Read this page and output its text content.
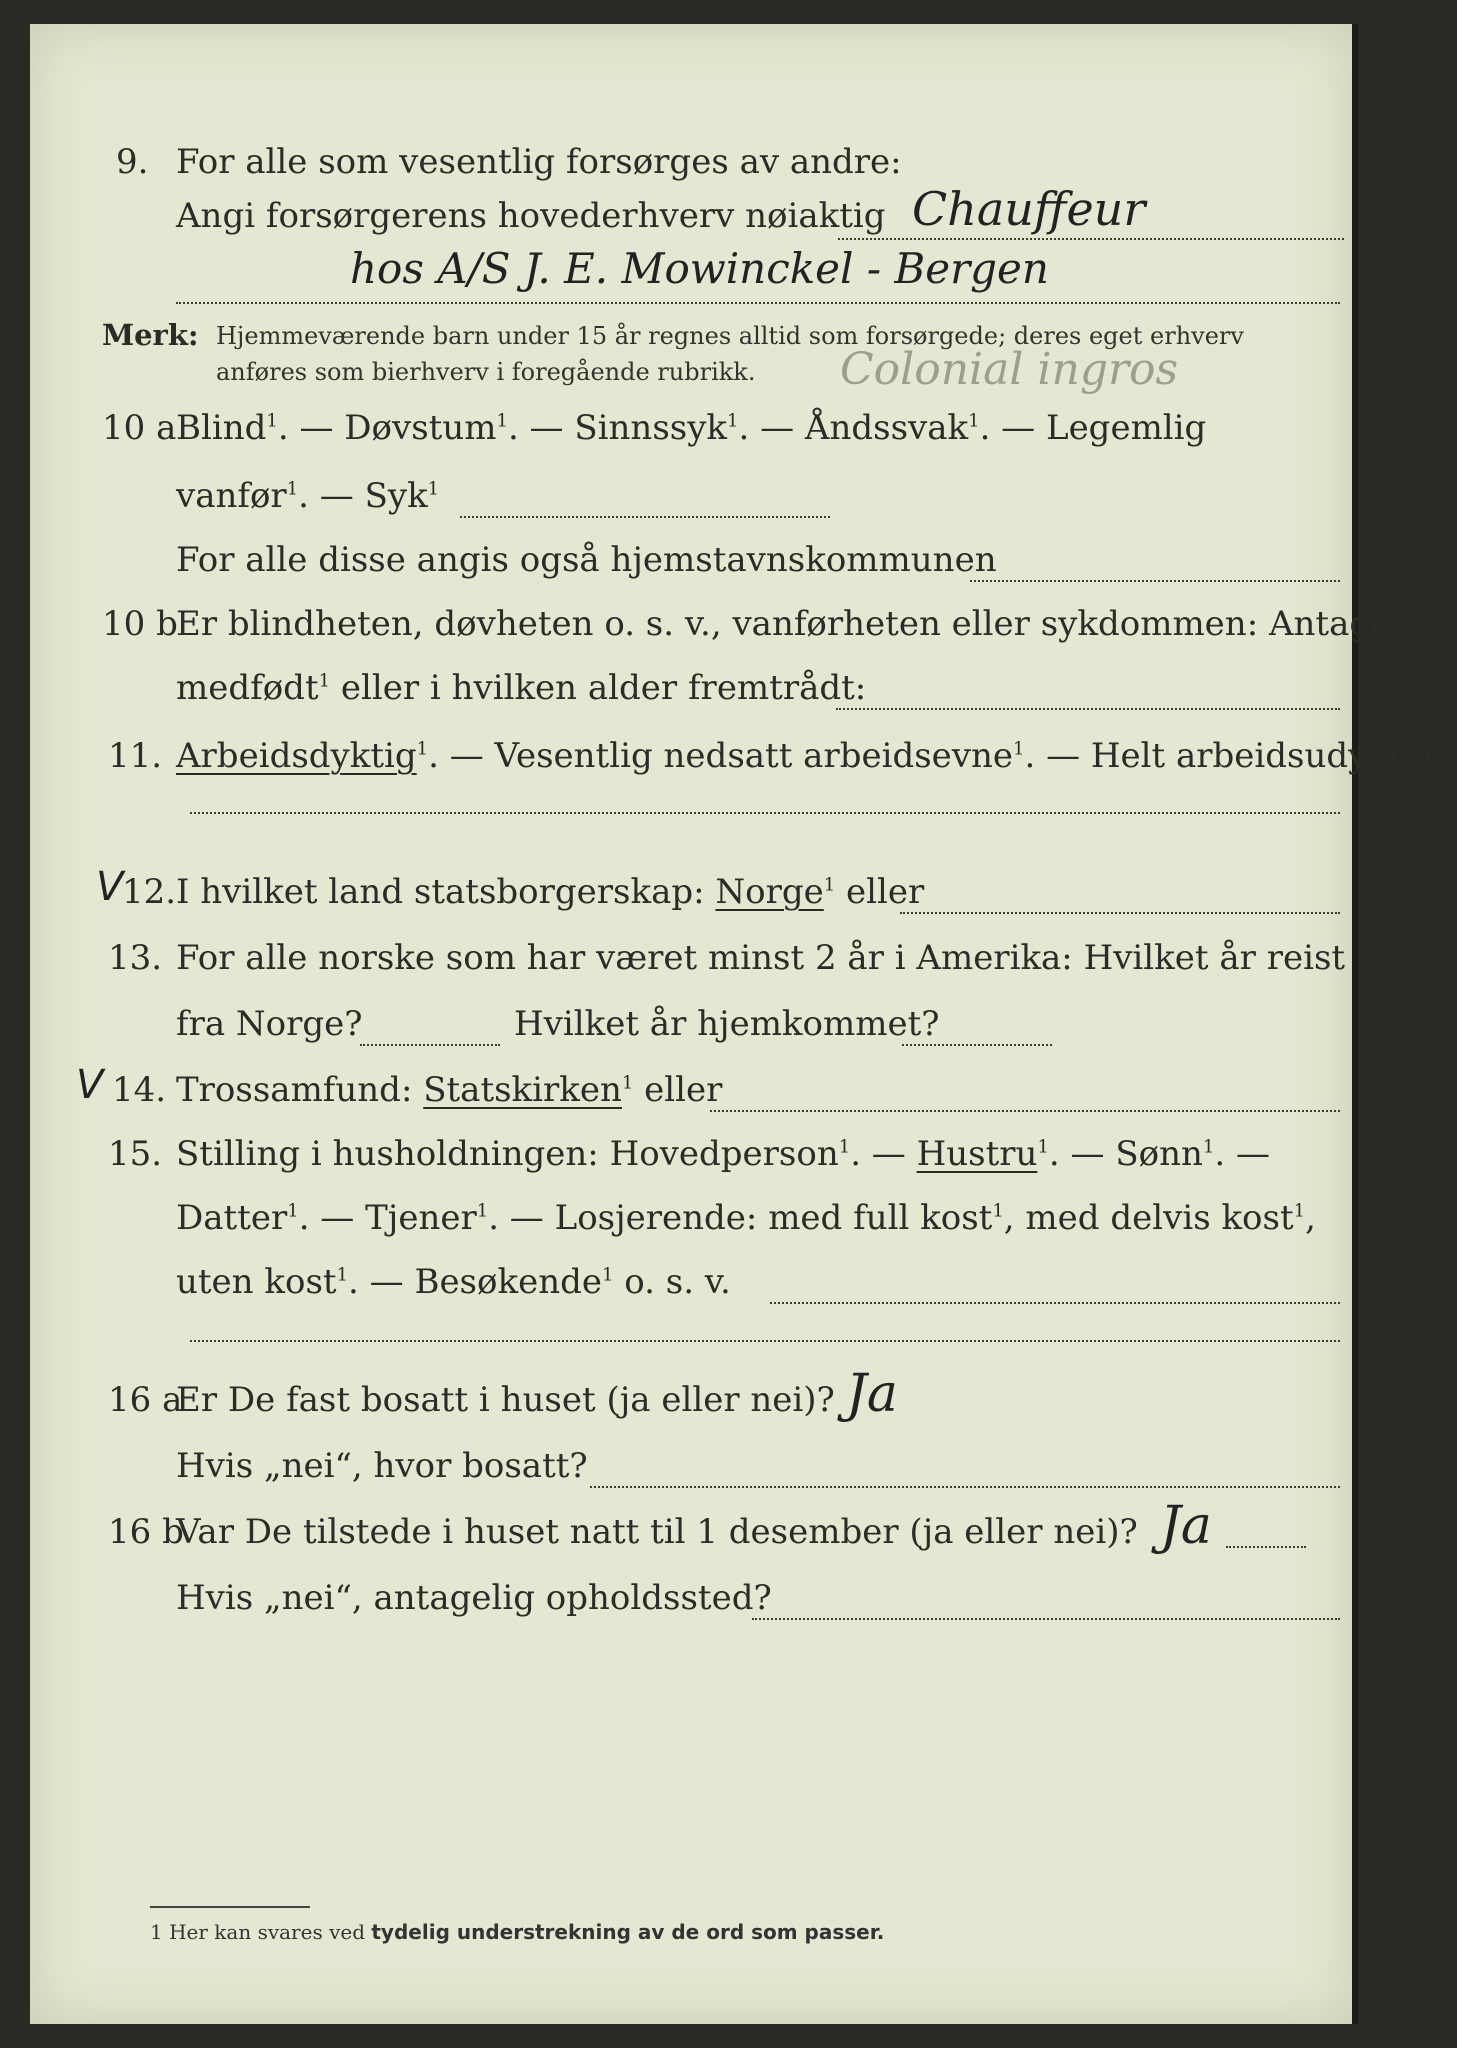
9. For alle som vesentlig forsørges av andre:
Angi forsørgerens hovederhverv nøiaktig Chauffeur
hos A/S J. E. Mowinckel - Bergen
Merk: Hjemmeværende barn under 15 år regnes alltid som forsørgede; deres eget erhverv
anføres som bierhverv i foregående rubrikk. Colonial ingros
10 a Blind$^1$. — Døvstum$^1$. — Sinnssyk$^1$. — Åndssvak$^1$. — Legemlig
vanfør$^1$. — Syk$^1$
For alle disse angis også hjemstavnskommunen
10 b
Er blindheten, døvheten o. s. v., vanførheten eller sykdommen: Antagelig
medfødt$^1$ eller i hvilken alder fremtrådt:
11. Arbeidsdyktig$^1$. — Vesentlig nedsatt arbeidsevne$^1$. — Helt arbeidsudyktig$^1$.
V
12. I hvilket land statsborgerskap: Norge$^1$ eller
13. For alle norske som har været minst 2 år i Amerika: Hvilket år reist
fra Norge?	Hvilket år hjemkommet?
V 14. Trossamfund: Statskirken$^1$ eller
15. Stilling i husholdningen: Hovedperson$^1$. — Hustru$^1$. — Sønn$^1$. —
Datter$^1$. — Tjener$^1$. — Losjerende: med full kost$^1$, med delvis kost$^1$,
uten kost$^1$. — Besøkende$^1$ o. s. v.
16 a
Er De fast bosatt i huset (ja eller nei)? Ja
Hvis „nei“, hvor bosatt?
16 b
Var De tilstede i huset natt til 1 desember (ja eller nei)? Ja
Hvis „nei“, antagelig opholdssted?
1 Her kan svares ved tydelig understrekning av de ord som passer.
